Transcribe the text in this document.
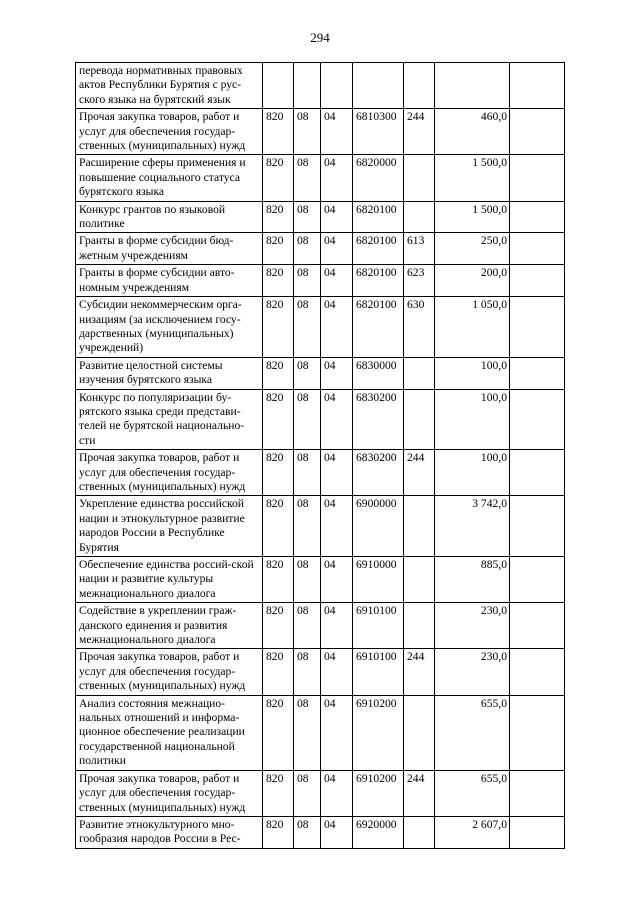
294
перевода нормативных правовых актов Республики Бурятия с рус-ского языка на бурятский язык							
Прочая закупка товаров, работ и услуг для обеспечения государ-ственных (муниципальных) нужд	820	08	04	6810300	244	460,0	
Расширение сферы применения и повышение социального статуса бурятского языка	820	08	04	6820000		1 500,0	
Конкурс грантов по языковой политике	820	08	04	6820100		1 500,0	
Гранты в форме субсидии бюд-жетным учреждениям	820	08	04	6820100	613	250,0	
Гранты в форме субсидии авто-номным учреждениям	820	08	04	6820100	623	200,0	
Субсидии некоммерческим орга-низациям (за исключением госу-дарственных (муниципальных) учреждений)	820	08	04	6820100	630	1 050,0	
Развитие целостной системы изучения бурятского языка	820	08	04	6830000		100,0	
Конкурс по популяризации бу-рятского языка среди представи-телей не бурятской национально-сти	820	08	04	6830200		100,0	
Прочая закупка товаров, работ и услуг для обеспечения государ-ственных (муниципальных) нужд	820	08	04	6830200	244	100,0	
Укрепление единства российской нации и этнокультурное развитие народов России в Республике Бурятия	820	08	04	6900000		3 742,0	
Обеспечение единства россий-ской нации и развитие культуры межнационального диалога	820	08	04	6910000		885,0	
Содействие в укреплении граж-данского единения и развития межнационального диалога	820	08	04	6910100		230,0	
Прочая закупка товаров, работ и услуг для обеспечения государ-ственных (муниципальных) нужд	820	08	04	6910100	244	230,0	
Анализ состояния межнацио-нальных отношений и информа-ционное обеспечение реализации государственной национальной политики	820	08	04	6910200		655,0	
Прочая закупка товаров, работ и услуг для обеспечения государ-ственных (муниципальных) нужд	820	08	04	6910200	244	655,0	
Развитие этнокультурного мно-гообразия народов России в Рес-	820	08	04	6920000		2 607,0	
